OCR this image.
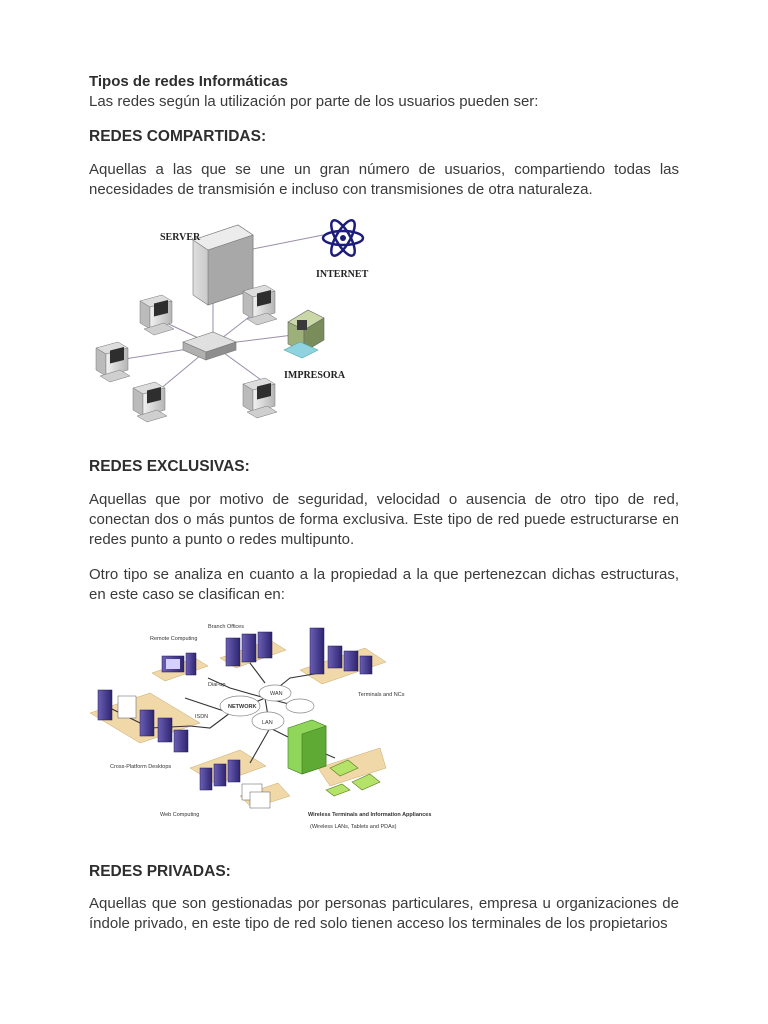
Tipos de redes Informáticas
Las redes según la utilización por parte de los usuarios pueden ser:
REDES COMPARTIDAS:
Aquellas a las que se une un gran número de usuarios, compartiendo todas las necesidades de transmisión e incluso con transmisiones de otra naturaleza.
SERVER
INTERNET
IMPRESORA
REDES EXCLUSIVAS:
Aquellas que por motivo de seguridad, velocidad o ausencia de otro tipo de red, conectan dos o más puntos de forma exclusiva. Este tipo de red puede estructurarse en redes punto a punto o redes multipunto.
Otro tipo se analiza en cuanto a la propiedad a la que pertenezcan dichas estructuras, en este caso se clasifican en:
NETWORK
WAN
LAN
Branch Offices
Remote Computing
Dial-up
ISDN
Terminals and NCs
Cross-Platform Desktops
Web Computing	Wireless Terminals and Information Appliances
(Wireless LANs, Tablets and PDAs)
REDES PRIVADAS:
Aquellas que son gestionadas por personas particulares, empresa u organizaciones de índole privado, en este tipo de red solo tienen acceso los terminales de los propietarios
